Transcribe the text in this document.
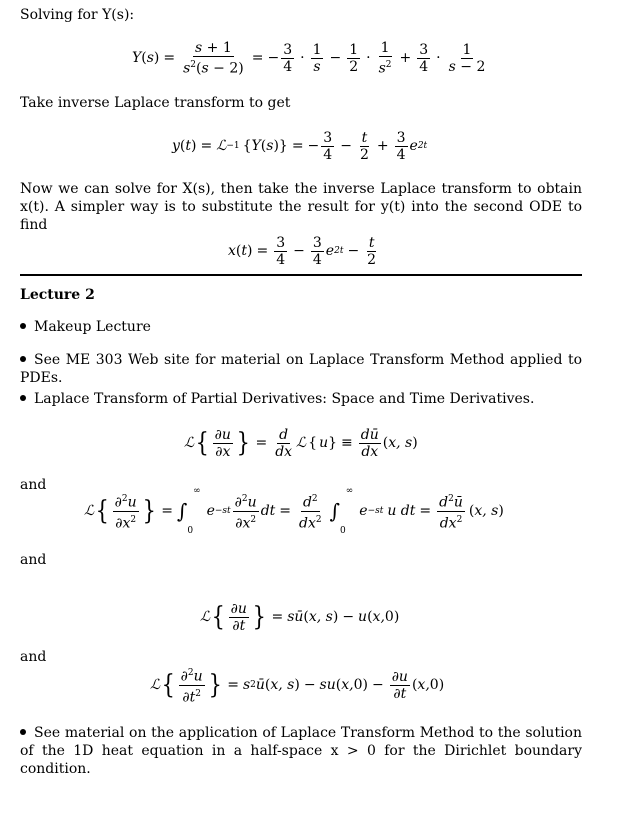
Solving for Y(s):
Y ( s ) = $\frac{s + 1}{s^2(s - 2)}$ = − $\frac{3}{4} \cdot \frac{1}{s} - \frac{1}{2} \cdot \frac{1}{s^2} + \frac{3}{4} \cdot \frac{1}{s - 2}$
Take inverse Laplace transform to get
y ( t ) = ℒ −1 { Y ( s )} = − $\frac{3}{4} - \frac{t}{2} + \frac{3}{4}$ e 2t
Now we can solve for X(s), then take the inverse Laplace transform to obtain x(t). A simpler way is to substitute the result for y(t) into the second ODE to find
x ( t ) = $\frac{3}{4} - \frac{3}{4}$ e $2t - \frac{t}{2}$
Lecture 2
Makeup Lecture
See ME 303 Web site for material on Laplace Transform Method applied to PDEs.
Laplace Transform of Partial Derivatives: Space and Time Derivatives.
ℒ { $\frac{\partial u}{\partial x}$ } = $\frac{d}{dx}$ ℒ { u } ≡ $\frac{dū}{dx}$ ( x, s )
and
ℒ { $\frac{\partial^2u}{\partial x^2}$ } = ∫
0
∞
$e -st \frac{\partial^2u}{\partial x^2}$ dt = $\frac{d^2}{dx^2}$ ∫
0
∞
e −st u dt = $\frac{d^2ū}{dx^2}$ ( x, s )
and
ℒ { $\frac{\partial u}{\partial t}$ } = sū ( x, s ) − u ( x, 0)
and
ℒ { $\frac{\partial^2u}{\partial t^2}$ } = s 2 ū ( x, s ) − su ( x, $0) - \frac{\partial u}{\partial t}$ ( x, 0)
See material on the application of Laplace Transform Method to the solution of the 1D heat equation in a half-space x > 0 for the Dirichlet boundary condition.
